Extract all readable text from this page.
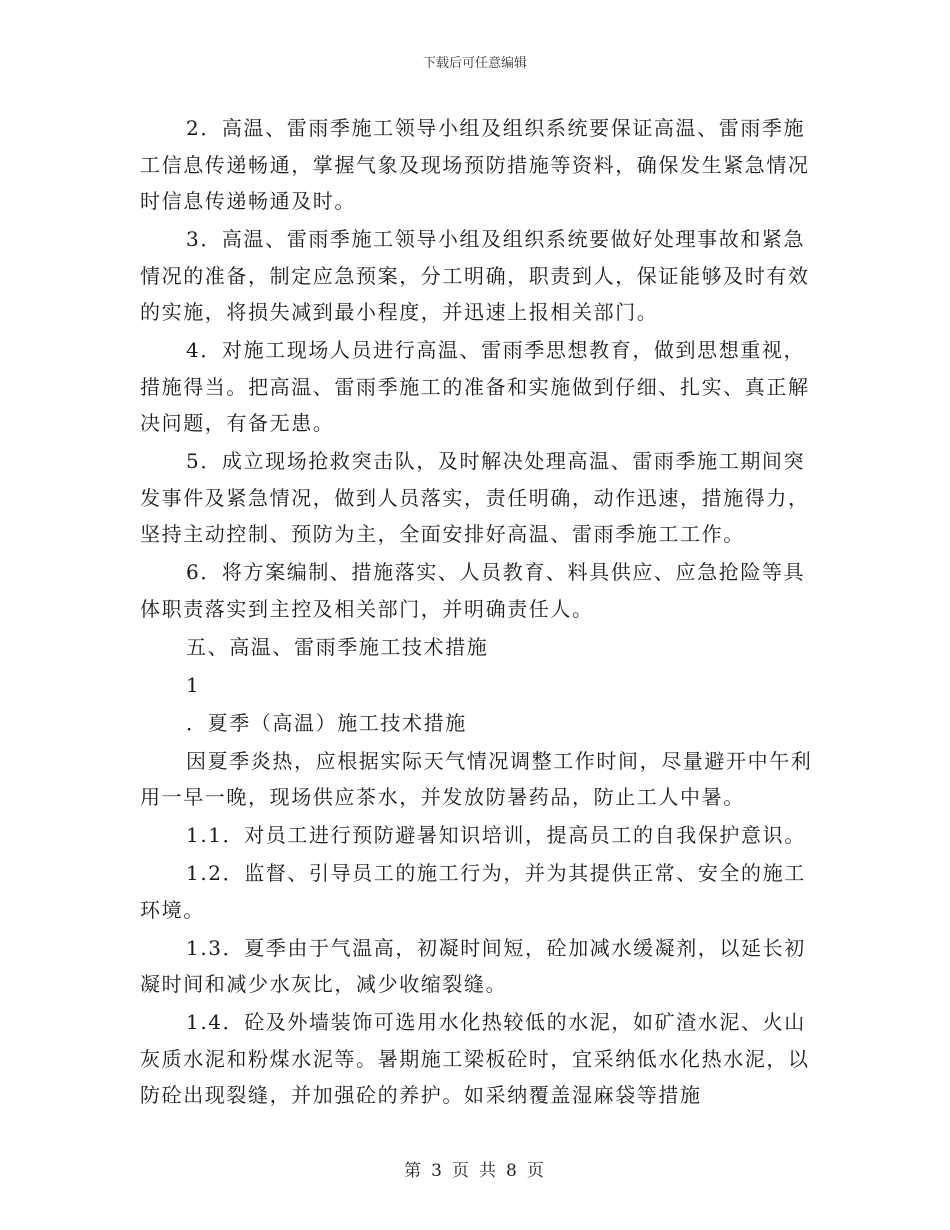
下载后可任意编辑

2．高温、雷雨季施工领导小组及组织系统要保证高温、雷雨季施工信息传递畅通，掌握气象及现场预防措施等资料，确保发生紧急情况时信息传递畅通及时。

3．高温、雷雨季施工领导小组及组织系统要做好处理事故和紧急情况的准备，制定应急预案，分工明确，职责到人，保证能够及时有效的实施，将损失减到最小程度，并迅速上报相关部门。

4．对施工现场人员进行高温、雷雨季思想教育，做到思想重视，措施得当。把高温、雷雨季施工的准备和实施做到仔细、扎实、真正解决问题，有备无患。

5．成立现场抢救突击队，及时解决处理高温、雷雨季施工期间突发事件及紧急情况，做到人员落实，责任明确，动作迅速，措施得力，坚持主动控制、预防为主，全面安排好高温、雷雨季施工工作。

6．将方案编制、措施落实、人员教育、料具供应、应急抢险等具体职责落实到主控及相关部门，并明确责任人。

五、高温、雷雨季施工技术措施

1

．夏季（高温）施工技术措施

因夏季炎热，应根据实际天气情况调整工作时间，尽量避开中午利用一早一晚，现场供应茶水，并发放防暑药品，防止工人中暑。

1.1．对员工进行预防避暑知识培训，提高员工的自我保护意识。

1.2．监督、引导员工的施工行为，并为其提供正常、安全的施工环境。

1.3．夏季由于气温高，初凝时间短，砼加减水缓凝剂，以延长初凝时间和减少水灰比，减少收缩裂缝。

1.4．砼及外墙装饰可选用水化热较低的水泥，如矿渣水泥、火山灰质水泥和粉煤水泥等。暑期施工梁板砼时，宜采纳低水化热水泥，以防砼出现裂缝，并加强砼的养护。如采纳覆盖湿麻袋等措施

第 3 页 共 8 页
